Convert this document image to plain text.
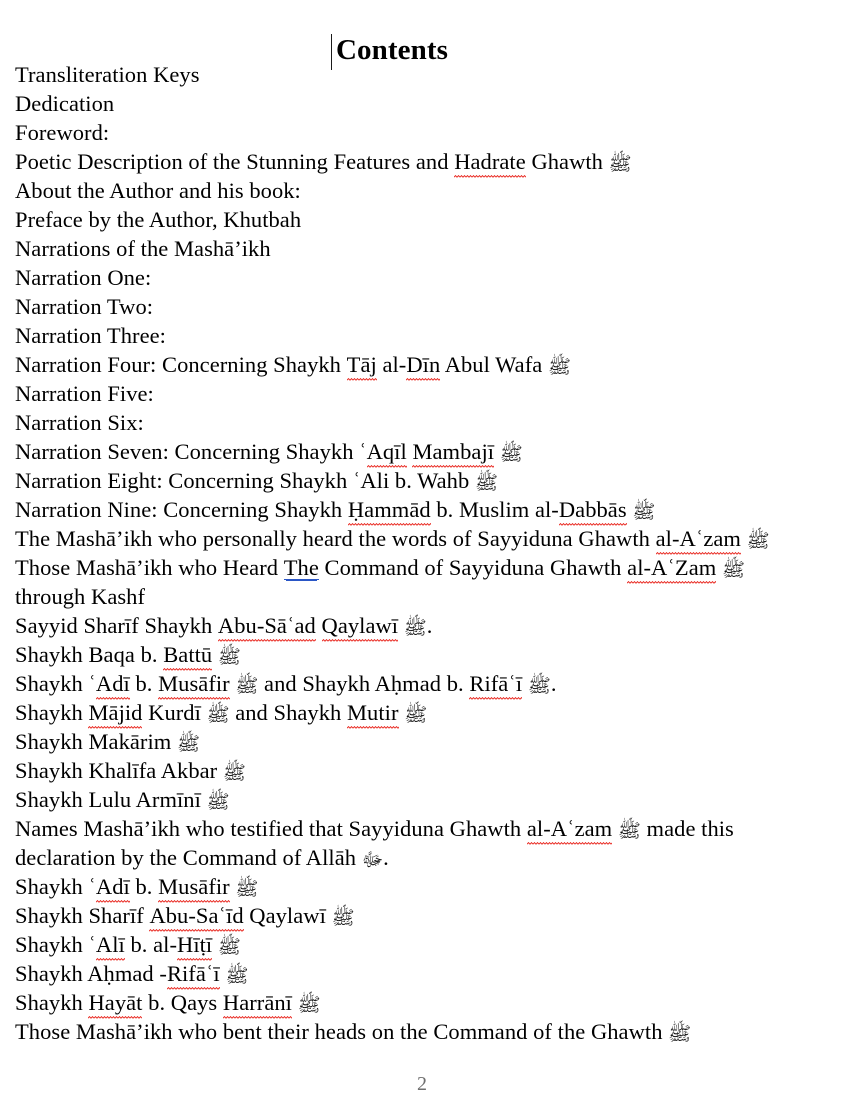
Contents
Transliteration Keys
Dedication
Foreword:
Poetic Description of the Stunning Features and Hadrate Ghawth ﷺ
About the Author and his book:
Preface by the Author, Khutbah
Narrations of the Mashā’ikh
Narration One:
Narration Two:
Narration Three:
Narration Four: Concerning Shaykh Tāj al-Dīn Abul Wafa ﷺ
Narration Five:
Narration Six:
Narration Seven: Concerning Shaykh ʿAqīl Mambajī ﷺ
Narration Eight: Concerning Shaykh ʿAli b. Wahb ﷺ
Narration Nine: Concerning Shaykh Ḥammād b. Muslim al-Dabbās ﷺ
The Mashā’ikh who personally heard the words of Sayyiduna Ghawth al-Aʿzam ﷺ
Those Mashā’ikh who Heard The Command of Sayyiduna Ghawth al-AʿZam ﷺ
through Kashf
Sayyid Sharīf Shaykh Abu-Sāʿad Qaylawī ﷺ.
Shaykh Baqa b. Battū ﷺ
Shaykh ʿAdī b. Musāfir ﷺ and Shaykh Aḥmad b. Rifāʿī ﷺ.
Shaykh Mājid Kurdī ﷺ and Shaykh Mutir ﷺ
Shaykh Makārim ﷺ
Shaykh Khalīfa Akbar ﷺ
Shaykh Lulu Armīnī ﷺ
Names Mashā’ikh who testified that Sayyiduna Ghawth al-Aʿzam ﷺ made this
declaration by the Command of Allāh ﷻ.
Shaykh ʿAdī b. Musāfir ﷺ
Shaykh Sharīf Abu-Saʿīd Qaylawī ﷺ
Shaykh ʿAlī b. al-Hīṭī ﷺ
Shaykh Aḥmad -Rifāʿī ﷺ
Shaykh Hayāt b. Qays Harrānī ﷺ
Those Mashā’ikh who bent their heads on the Command of the Ghawth ﷺ
2
